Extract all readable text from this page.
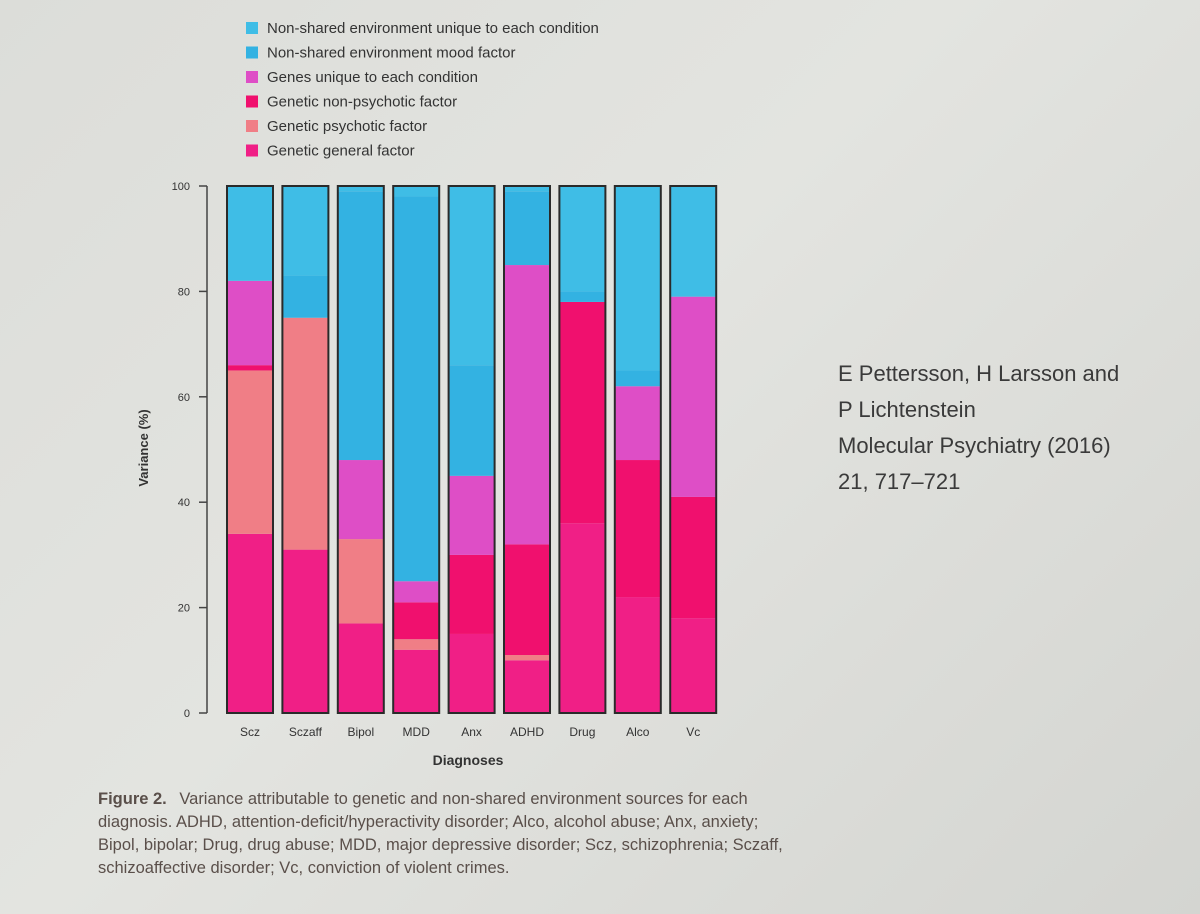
Non-shared environment unique to each condition
Non-shared environment mood factor
Genes unique to each condition
Genetic non-psychotic factor
Genetic psychotic factor
Genetic general factor
0
20
40
60
80
100
Scz Sczaff Bipol MDD	Anx ADHD Drug	Alco	Vc
Variance (%)
Diagnoses
E Pettersson, H Larsson and
P Lichtenstein
Molecular Psychiatry (2016)
21, 717–721
Figure 2. Variance attributable to genetic and non-shared environment sources for each diagnosis. ADHD, attention-deficit/hyperactivity disorder; Alco, alcohol abuse; Anx, anxiety; Bipol, bipolar; Drug, drug abuse; MDD, major depressive disorder; Scz, schizophrenia; Sczaff, schizoaffective disorder; Vc, conviction of violent crimes.
